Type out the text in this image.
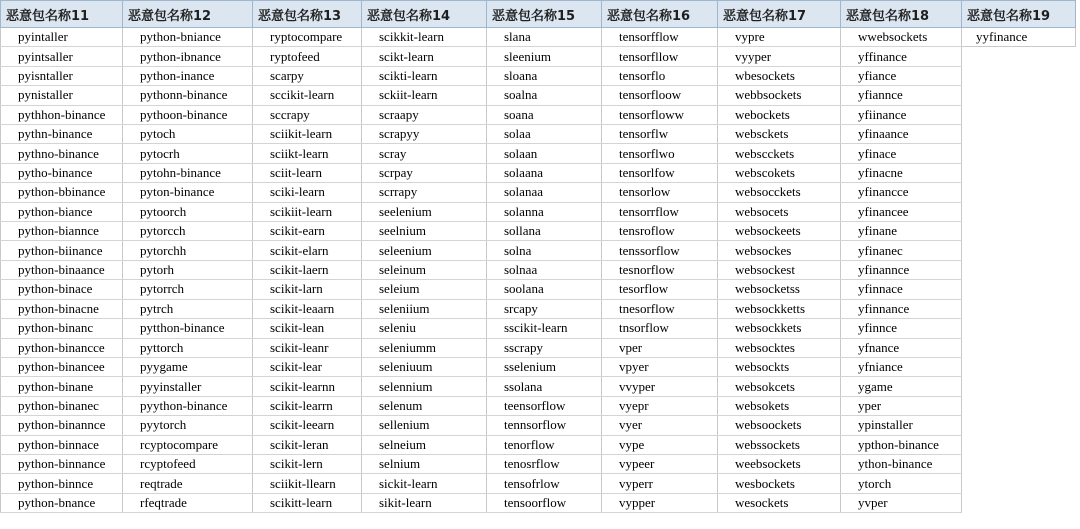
恶意包名称11	恶意包名称12	恶意包名称13	恶意包名称14	恶意包名称15	恶意包名称16	恶意包名称17	恶意包名称18	恶意包名称19
pyintaller	python-bniance	ryptocompare	scikkit-learn	slana	tensorfflow	vypre	wwebsockets	yyfinance
pyintsaller	python-ibnance	ryptofeed	scikt-learn	sleenium	tensorfllow	vyyper	yffinance	
pyisntaller	python-inance	scarpy	scikti-learn	sloana	tensorflo	wbesockets	yfiance	
pynistaller	pythonn-binance	sccikit-learn	sckiit-learn	soalna	tensorfloow	webbsockets	yfiannce	
pythhon-binance	pythoon-binance	sccrapy	scraapy	soana	tensorfloww	webockets	yfiinance	
pythn-binance	pytoch	sciikit-learn	scrapyy	solaa	tensorflw	websckets	yfinaance	
pythno-binance	pytocrh	sciikt-learn	scray	solaan	tensorflwo	webscckets	yfinace	
pytho-binance	pytohn-binance	sciit-learn	scrpay	solaana	tensorlfow	webscokets	yfinacne	
python-bbinance	pyton-binance	sciki-learn	scrrapy	solanaa	tensorlow	websocckets	yfinancce	
python-biance	pytoorch	scikiit-learn	seelenium	solanna	tensorrflow	websocets	yfinancee	
python-biannce	pytorcch	scikit-earn	seelnium	sollana	tensroflow	websockeets	yfinane	
python-biinance	pytorchh	scikit-elarn	seleenium	solna	tenssorflow	websockes	yfinanec	
python-binaance	pytorh	scikit-laern	seleinum	solnaa	tesnorflow	websockest	yfinannce	
python-binace	pytorrch	scikit-larn	seleium	soolana	tesorflow	websocketss	yfinnace	
python-binacne	pytrch	scikit-leaarn	seleniium	srcapy	tnesorflow	websockketts	yfinnance	
python-binanc	pytthon-binance	scikit-lean	seleniu	sscikit-learn	tnsorflow	websockkets	yfinnce	
python-binancce	pyttorch	scikit-leanr	seleniumm	sscrapy	vper	websocktes	yfnance	
python-binancee	pyygame	scikit-lear	seleniuum	sselenium	vpyer	websockts	yfniance	
python-binane	pyyinstaller	scikit-learnn	selennium	ssolana	vvyper	websokcets	ygame	
python-binanec	pyython-binance	scikit-learrn	selenum	teensorflow	vyepr	websokets	yper	
python-binannce	pyytorch	scikit-leearn	sellenium	tennsorflow	vyer	websoockets	ypinstaller	
python-binnace	rcyptocompare	scikit-leran	selneium	tenorflow	vype	webssockets	ypthon-binance	
python-binnance	rcyptofeed	scikit-lern	selnium	tenosrflow	vypeer	weebsockets	ython-binance	
python-binnce	reqtrade	sciikit-llearn	sickit-learn	tensofrlow	vyperr	wesbockets	ytorch	
python-bnance	rfeqtrade	scikitt-learn	sikit-learn	tensoorflow	vypper	wesockets	yvper	
